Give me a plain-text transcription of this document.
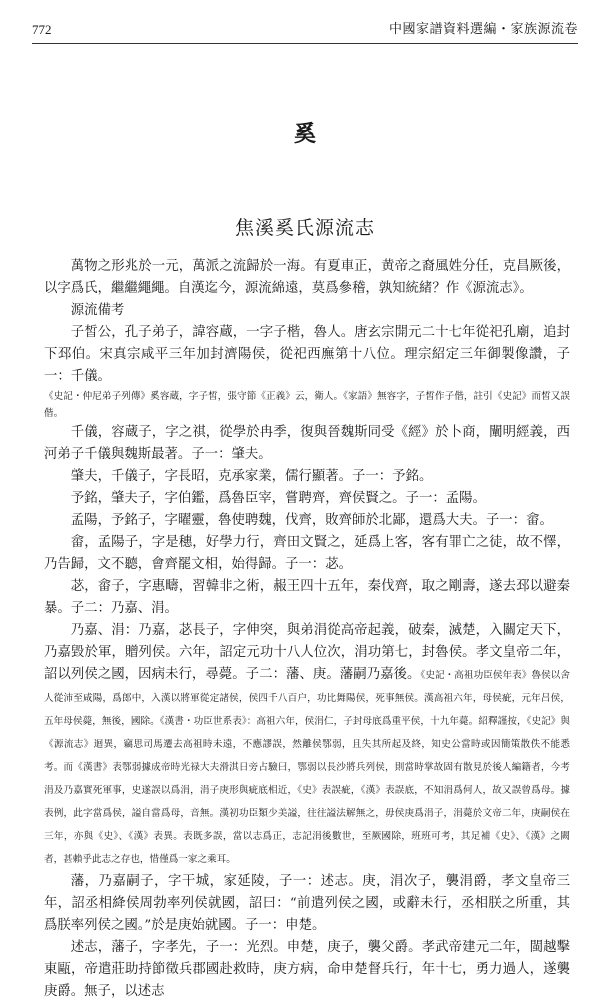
772	中國家譜資料選編・家族源流卷
奚
焦溪奚氏源流志

萬物之形兆於一元，萬派之流歸於一海。有夏車正，黄帝之裔風姓分任，克昌厥後，以字爲氏，繼繼繩繩。自漢迄今，源流綿遠，莫爲參稽，孰知統緒？作《源流志》。

源流備考

子皙公，孔子弟子，諱容蔵，一字子楷，魯人。唐玄宗開元二十七年從祀孔廟，追封下邳伯。宋真宗咸平三年加封濟陽侯，從祀西廡第十八位。理宗紹定三年御製像讚，子一：千儀。

《史記・仲尼弟子列傳》奚容蔵，字子皙，張守節《正義》云，衛人。《家語》無容字，子皙作子偕，註引《史記》而皙又誤偕。

千儀，容蔵子，字之祺，從學於冉季，復與晉魏斯同受《經》於卜商，闡明經義，西河弟子千儀與魏斯最著。子一：肇夫。

肇夫，千儀子，字長昭，克承家業，儒行顯著。子一：予銘。

予銘，肇夫子，字伯鑑，爲魯臣宰，嘗聘齊，齊侯賢之。子一：孟陽。

孟陽，予銘子，字曜靈，魯使聘魏，伐齊，敗齊師於北鄙，還爲大夫。子一：畲。

畲，孟陽子，字是穗，好學力行，齊田文賢之，延爲上客，客有罪亡之徒，故不懌，乃告歸，文不聽，會齊罷文相，始得歸。子一：苾。

苾，畲子，字惠疇，習韓非之術，赧王四十五年，秦伐齊，取之剛壽，遂去邳以避秦暴。子二：乃嘉、涓。

乃嘉、涓：乃嘉，苾長子，字伸突，與弟涓從高帝起義，破秦，滅楚，入關定天下，乃嘉毀於軍，贈列侯。六年，詔定元功十八人位次，涓功第七，封魯侯。孝文皇帝二年，詔以列侯之國，因病未行，尋薨。子二：藩、庚。藩嗣乃嘉後。《史記・高祖功臣侯年表》魯侯以舍人從沛至咸陽，爲郎中，入漢以將軍從定諸侯，侯四千八百户，功比舞陽侯，死事無侯。漢高祖六年，母侯疵，元年吕侯，五年母侯薨，無後，國除。《漢書・功臣世系表》：高祖六年，侯涓仁，子封母底爲重平侯，十九年薨。紹釋謹按，《史記》與《源流志》迴異，竊思司馬遷去高祖時未遠，不應謬誤，然離侯鄂弱，且失其所起及終，知史公當時或因簡策散佚不能悉考。而《漢書》表鄂弱據成帝時光禄大夫滑淇日旁占驗曰，鄂弱以長沙將兵列侯，則當時掌故固有散見於後人編籍者，今考涓及乃嘉實死軍事，史遂誤以爲涓，涓子庚形與疵底相近，《史》表誤疵，《漢》表誤底，不知涓爲何人，故又誤曾爲母。據表例，此字當爲侯，謚自當爲母，音無。漢初功臣類少美謚，往往謚法解無之，毋侯庚爲涓子，涓薨於文帝二年，庚嗣侯在三年，亦與《史》、《漢》表異。表既多誤，當以志爲正，志記涓後數世，至厥國除，班班可考，其足補《史》、《漢》之闕者，甚賴乎此志之存也，惜僅爲一家之乘耳。

藩，乃嘉嗣子，字干城，家延陵，子一：述志。庚，涓次子，襲涓爵，孝文皇帝三年，詔丞相絳侯周勃率列侯就國，詔曰：“前遣列侯之國，或辭未行，丞相朕之所重，其爲朕率列侯之國。”於是庚始就國。子一：申楚。

述志，藩子，字孝先，子一：光烈。申楚，庚子，襲父爵。孝武帝建元二年，閩越擊東甌，帝遣莊助持節徵兵郡國赴救時，庚方病，命申楚督兵行，年十七，勇力過人，遂襲庚爵。無子，以述志
